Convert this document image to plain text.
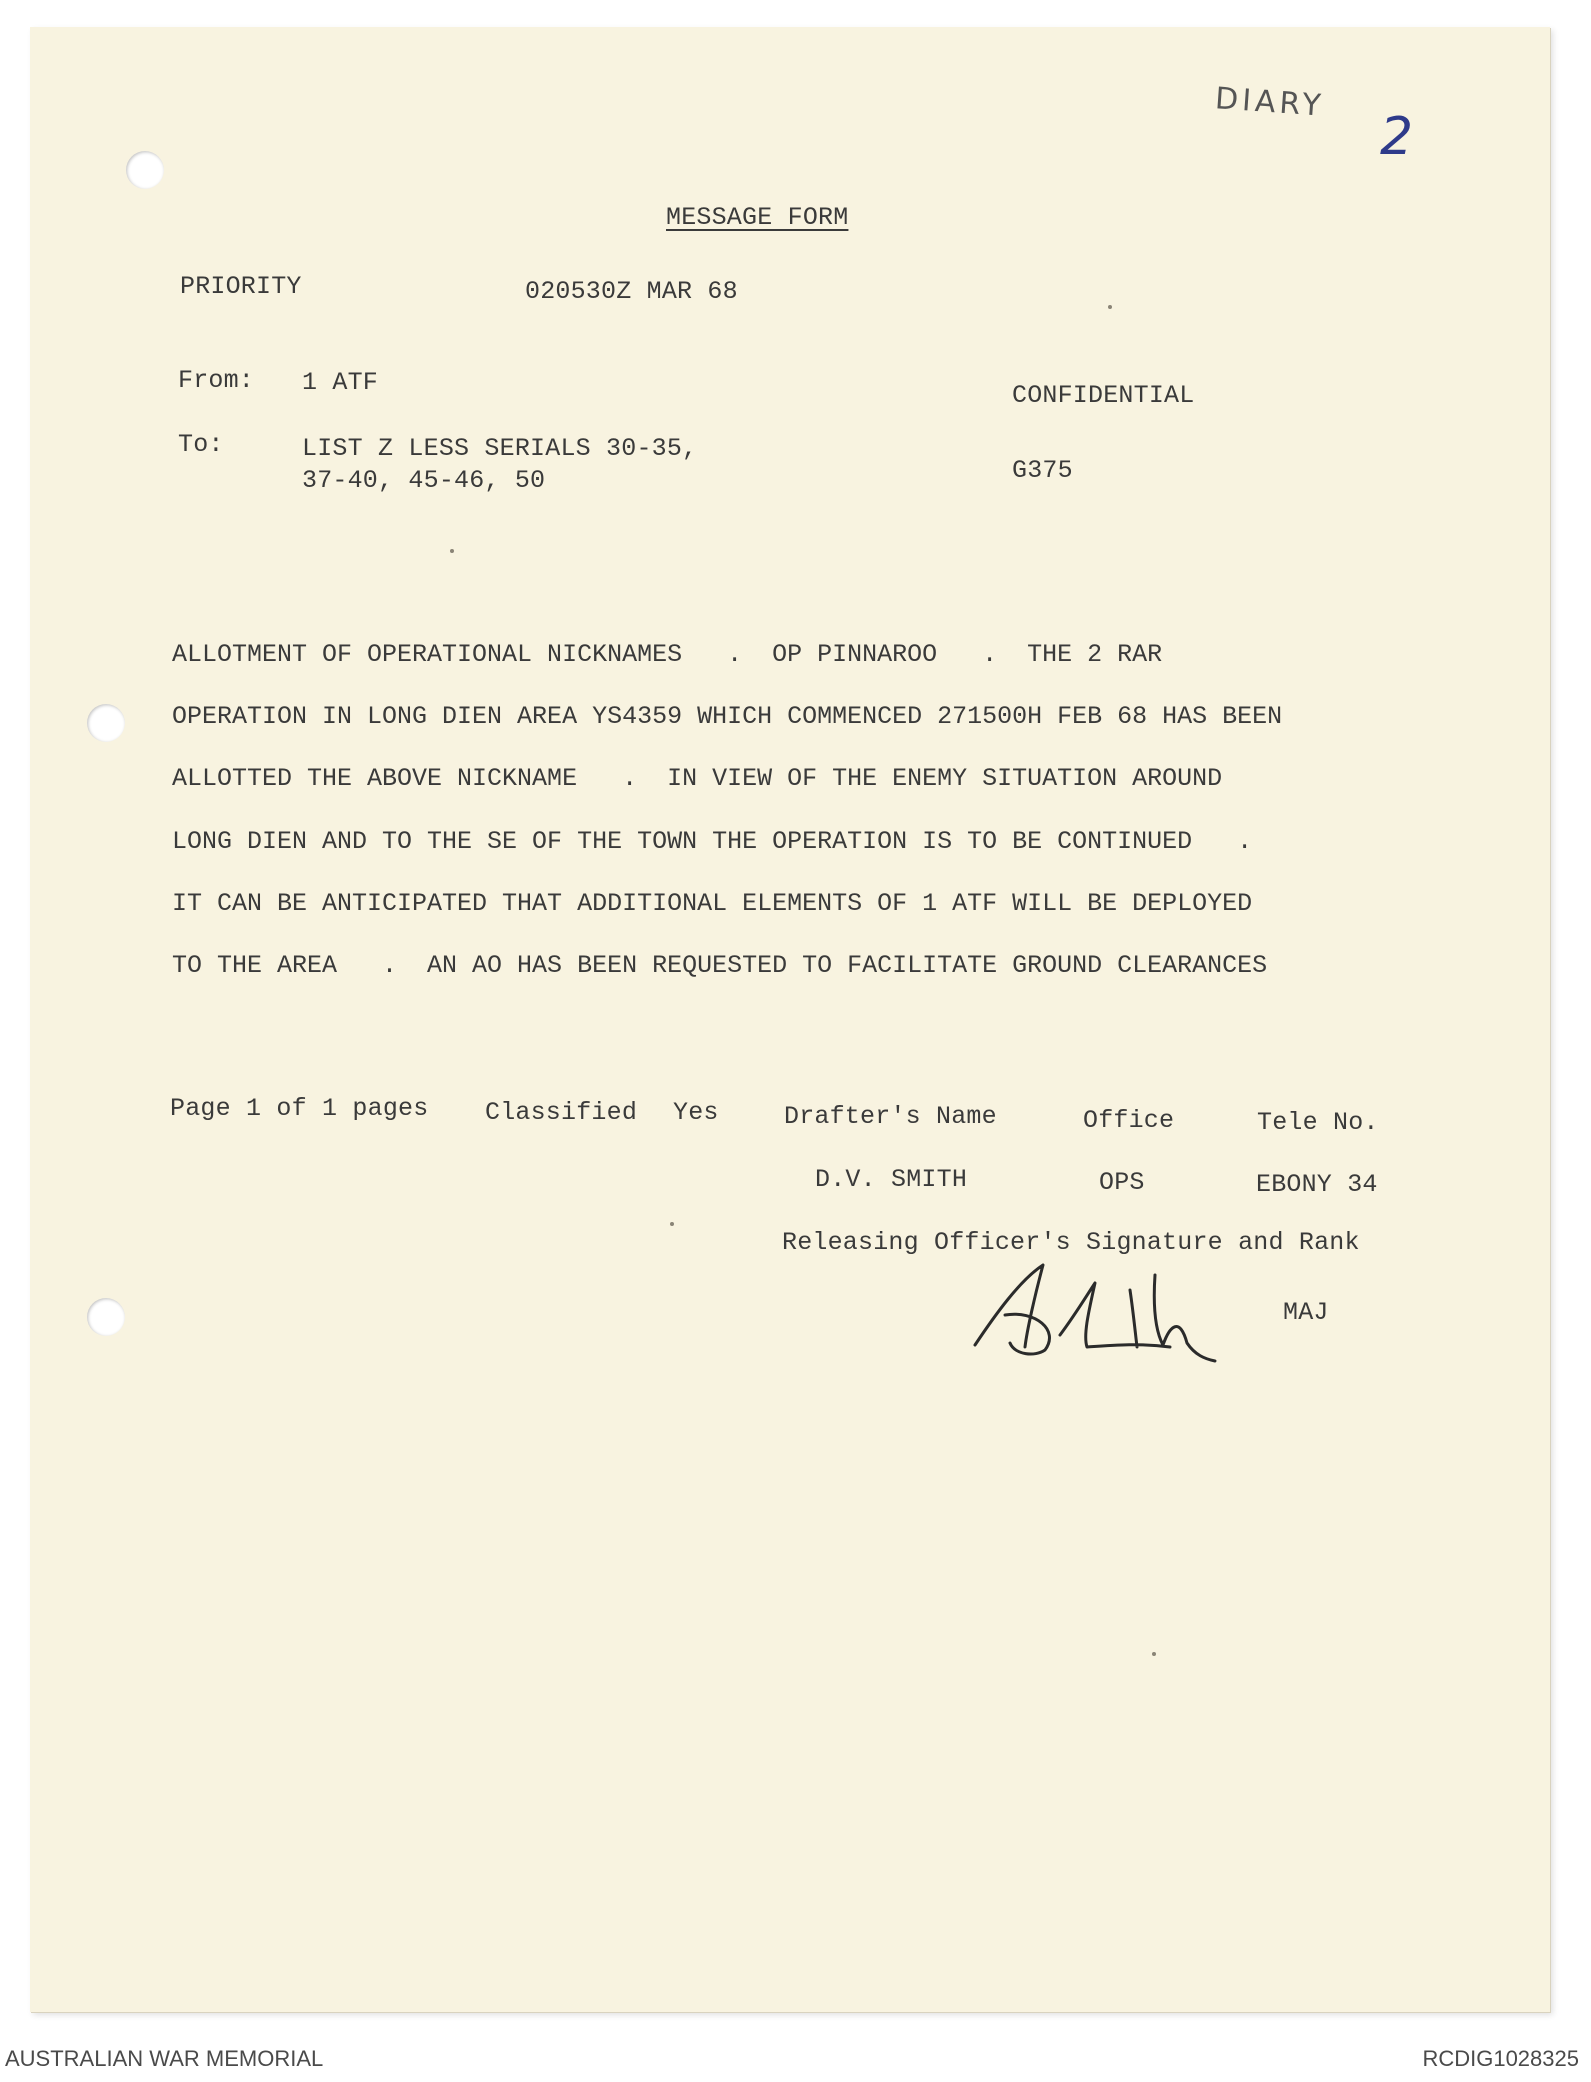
DIARY
2
MESSAGE FORM
PRIORITY	020530Z MAR 68
From: 1 ATF	CONFIDENTIAL
To:	LIST Z LESS SERIALS 30-35,
37-40, 45-46, 50	G375
ALLOTMENT OF OPERATIONAL NICKNAMES   .  OP PINNAROO   .  THE 2 RAR
OPERATION IN LONG DIEN AREA YS4359 WHICH COMMENCED 271500H FEB 68 HAS BEEN
ALLOTTED THE ABOVE NICKNAME   .  IN VIEW OF THE ENEMY SITUATION AROUND
LONG DIEN AND TO THE SE OF THE TOWN THE OPERATION IS TO BE CONTINUED   .
IT CAN BE ANTICIPATED THAT ADDITIONAL ELEMENTS OF 1 ATF WILL BE DEPLOYED
TO THE AREA   .  AN AO HAS BEEN REQUESTED TO FACILITATE GROUND CLEARANCES
Page 1 of 1 pages Classified Yes	Drafter's Name	Office	Tele No.
D.V. SMITH	OPS	EBONY 34
Releasing Officer's Signature and Rank
MAJ
AUSTRALIAN WAR MEMORIAL	RCDIG1028325
